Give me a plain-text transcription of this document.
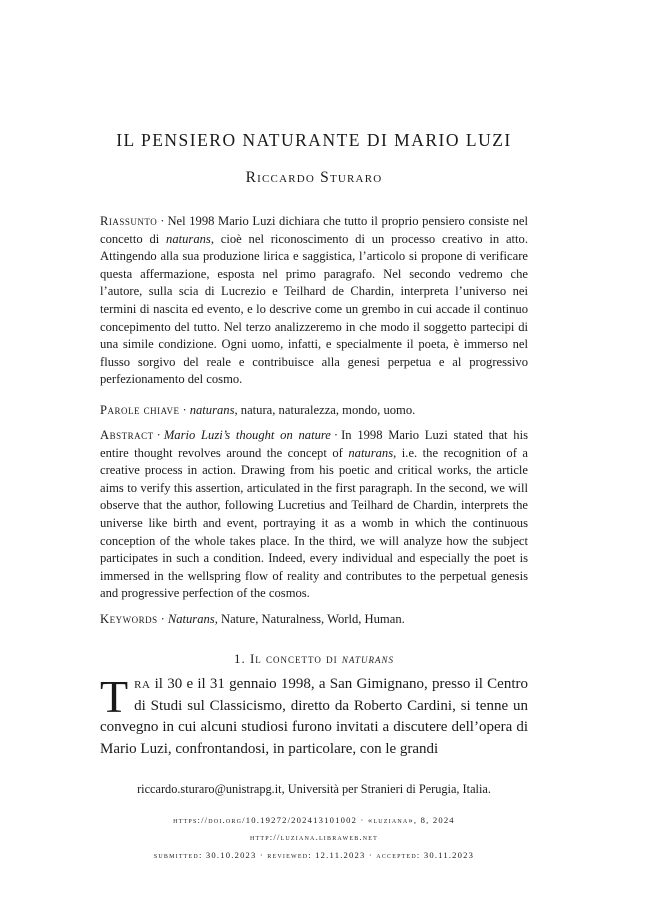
IL PENSIERO NATURANTE DI MARIO LUZI
Riccardo Sturaro

Riassunto · Nel 1998 Mario Luzi dichiara che tutto il proprio pensiero consiste nel concetto di naturans, cioè nel riconoscimento di un processo creativo in atto. Attingendo alla sua produzione lirica e saggistica, l’articolo si propone di verificare questa affermazione, esposta nel primo paragrafo. Nel secondo vedremo che l’autore, sulla scia di Lucrezio e Teilhard de Chardin, interpreta l’universo nei termini di nascita ed evento, e lo descrive come un grembo in cui accade il continuo concepimento del tutto. Nel terzo analizzeremo in che modo il soggetto partecipi di una simile condizione. Ogni uomo, infatti, e specialmente il poeta, è immerso nel flusso sorgivo del reale e contribuisce alla genesi perpetua e al progressivo perfezionamento del cosmo.

Parole chiave · naturans, natura, naturalezza, mondo, uomo.

Abstract · Mario Luzi’s thought on nature · In 1998 Mario Luzi stated that his entire thought revolves around the concept of naturans, i.e. the recognition of a creative process in action. Drawing from his poetic and critical works, the article aims to verify this assertion, articulated in the first paragraph. In the second, we will observe that the author, following Lucretius and Teilhard de Chardin, interprets the universe like birth and event, portraying it as a womb in which the continuous conception of the whole takes place. In the third, we will analyze how the subject participates in such a condition. Indeed, every individual and especially the poet is immersed in the wellspring flow of reality and contributes to the perpetual genesis and progressive perfection of the cosmos.

Keywords · Naturans, Nature, Naturalness, World, Human.

1. Il concetto di naturans

Tra il 30 e il 31 gennaio 1998, a San Gimignano, presso il Centro di Studi sul Classicismo, diretto da Roberto Cardini, si tenne un convegno in cui alcuni studiosi furono invitati a discutere dell’opera di Mario Luzi, confrontandosi, in particolare, con le grandi

riccardo.sturaro@unistrapg.it, Università per Stranieri di Perugia, Italia.

https://doi.org/10.19272/202413101002 · «luziana», 8, 2024

http://luziana.libraweb.net

submitted: 30.10.2023 · reviewed: 12.11.2023 · accepted: 30.11.2023
